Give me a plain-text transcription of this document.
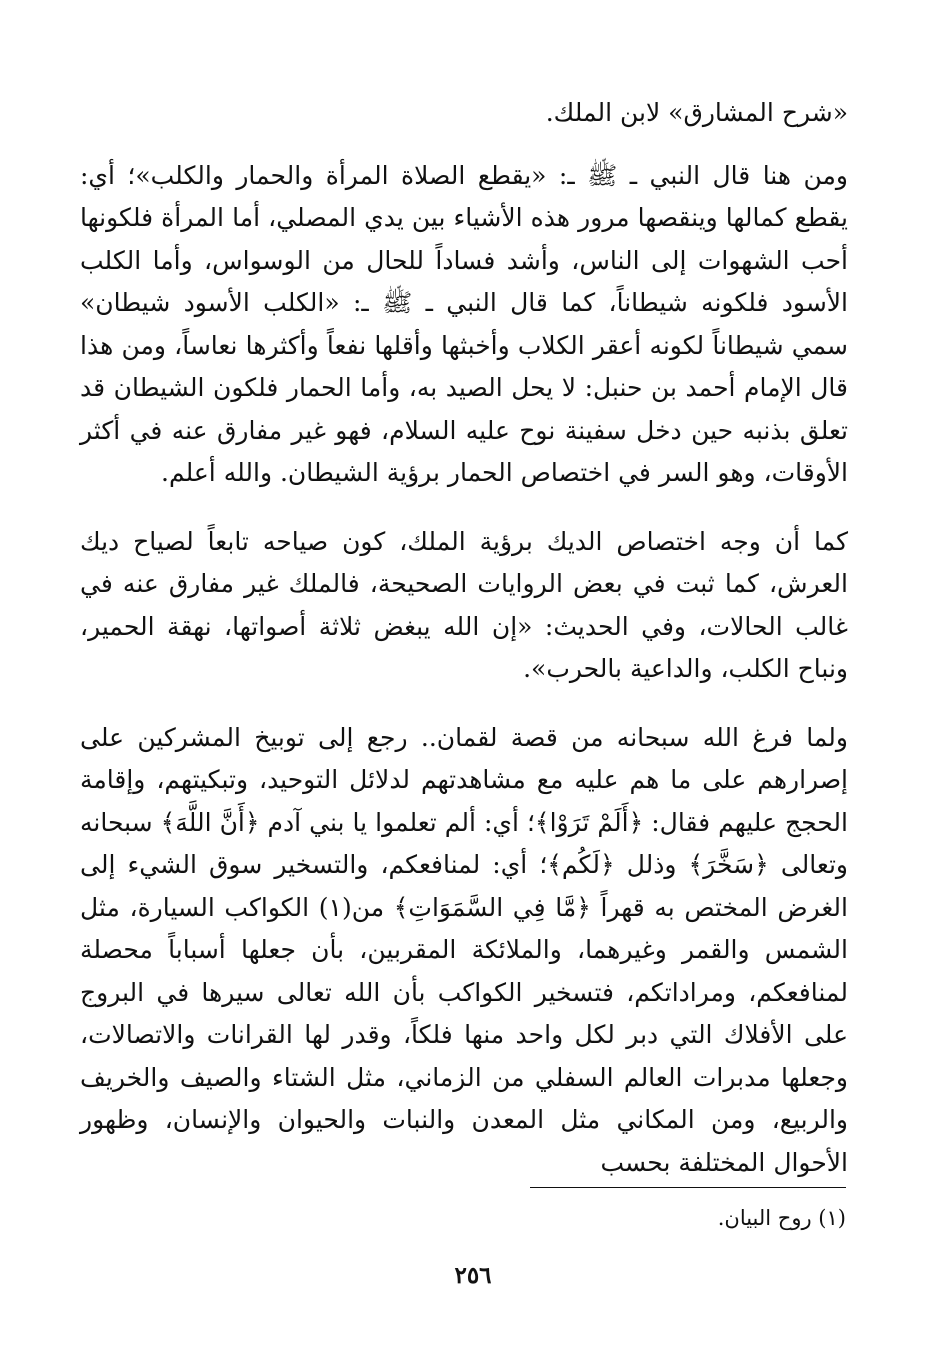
«شرح المشارق» لابن الملك.

ومن هنا قال النبي ـ ﷺ ـ: «يقطع الصلاة المرأة والحمار والكلب»؛ أي: يقطع كمالها وينقصها مرور هذه الأشياء بين يدي المصلي، أما المرأة فلكونها أحب الشهوات إلى الناس، وأشد فساداً للحال من الوسواس، وأما الكلب الأسود فلكونه شيطاناً، كما قال النبي ـ ﷺ ـ: «الكلب الأسود شيطان» سمي شيطاناً لكونه أعقر الكلاب وأخبثها وأقلها نفعاً وأكثرها نعاساً، ومن هذا قال الإمام أحمد بن حنبل: لا يحل الصيد به، وأما الحمار فلكون الشيطان قد تعلق بذنبه حين دخل سفينة نوح عليه السلام، فهو غير مفارق عنه في أكثر الأوقات، وهو السر في اختصاص الحمار برؤية الشيطان. والله أعلم.

كما أن وجه اختصاص الديك برؤية الملك، كون صياحه تابعاً لصياح ديك العرش، كما ثبت في بعض الروايات الصحيحة، فالملك غير مفارق عنه في غالب الحالات، وفي الحديث: «إن الله يبغض ثلاثة أصواتها، نهقة الحمير، ونباح الكلب، والداعية بالحرب».

ولما فرغ الله سبحانه من قصة لقمان.. رجع إلى توبيخ المشركين على إصرارهم على ما هم عليه مع مشاهدتهم لدلائل التوحيد، وتبكيتهم، وإقامة الحجج عليهم فقال: ﴿أَلَمْ تَرَوْا﴾؛ أي: ألم تعلموا يا بني آدم ﴿أَنَّ اللَّهَ﴾ سبحانه وتعالى ﴿سَخَّرَ﴾ وذلل ﴿لَكُم﴾؛ أي: لمنافعكم، والتسخير سوق الشيء إلى الغرض المختص به قهراً ﴿مَّا فِي السَّمَوَاتِ﴾ من(١) الكواكب السيارة، مثل الشمس والقمر وغيرهما، والملائكة المقربين، بأن جعلها أسباباً محصلة لمنافعكم، ومراداتكم، فتسخير الكواكب بأن الله تعالى سيرها في البروج على الأفلاك التي دبر لكل واحد منها فلكاً، وقدر لها القرانات والاتصالات، وجعلها مدبرات العالم السفلي من الزماني، مثل الشتاء والصيف والخريف والربيع، ومن المكاني مثل المعدن والنبات والحيوان والإنسان، وظهور الأحوال المختلفة بحسب

(١) روح البيان.
٢٥٦
